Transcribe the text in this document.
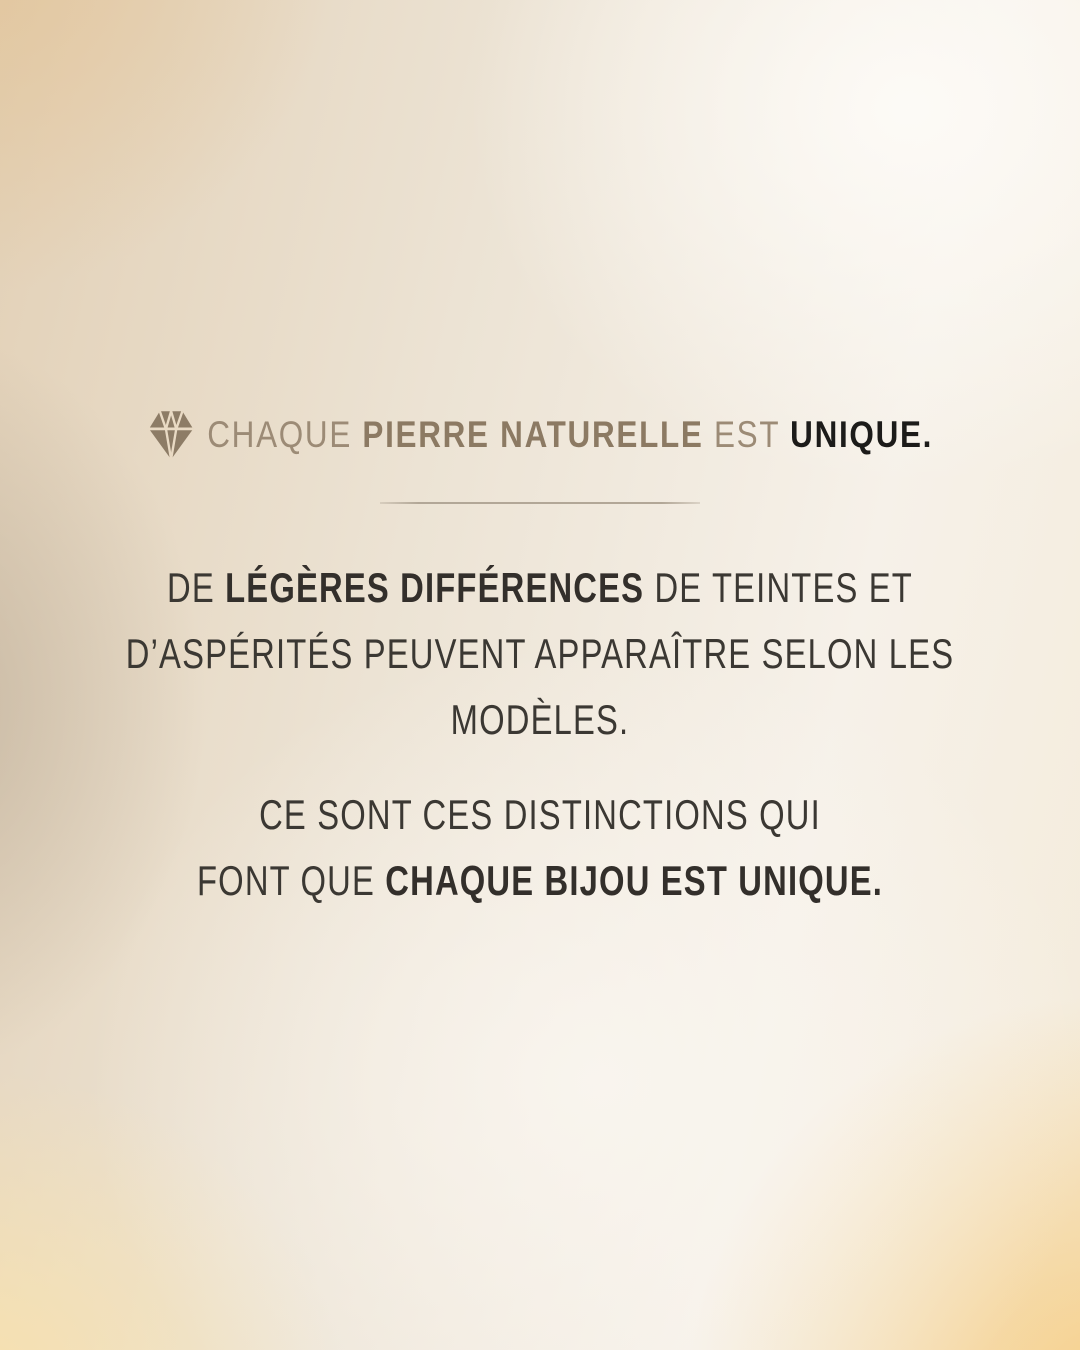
CHAQUE PIERRE NATURELLE EST UNIQUE.
DE LÉGÈRES DIFFÉRENCES DE TEINTES ET
D’ASPÉRITÉS PEUVENT APPARAÎTRE SELON LES
MODÈLES.
CE SONT CES DISTINCTIONS QUI
FONT QUE CHAQUE BIJOU EST UNIQUE.
